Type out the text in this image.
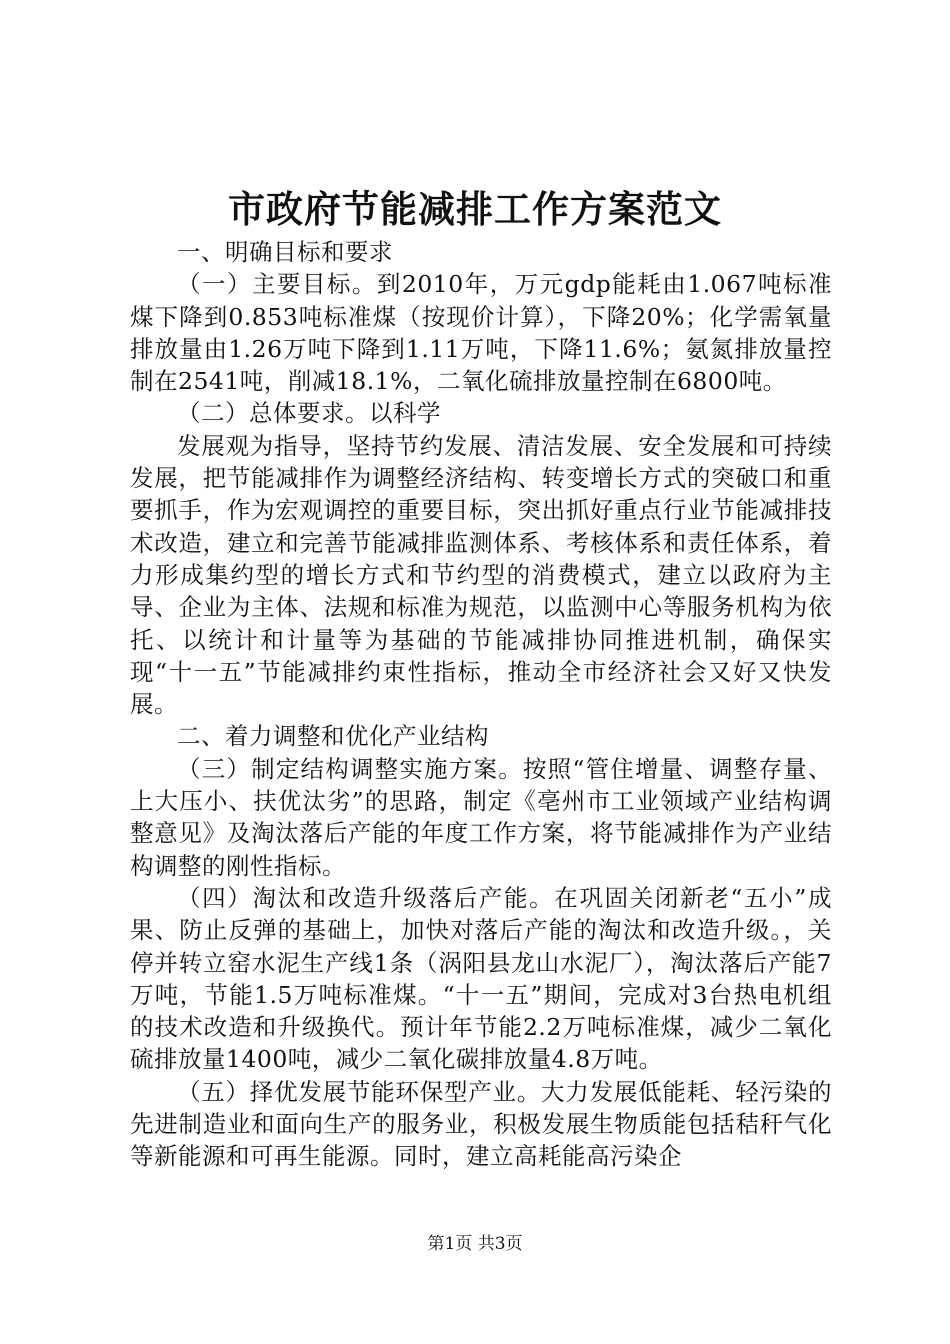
市政府节能减排工作方案范文

一、明确目标和要求

（一）主要目标。到2010年，万元gdp能耗由1.067吨标准煤下降到0.853吨标准煤（按现价计算），下降20%；化学需氧量排放量由1.26万吨下降到1.11万吨，下降11.6%；氨氮排放量控制在2541吨，削减18.1%，二氧化硫排放量控制在6800吨。

（二）总体要求。以科学

发展观为指导，坚持节约发展、清洁发展、安全发展和可持续发展，把节能减排作为调整经济结构、转变增长方式的突破口和重要抓手，作为宏观调控的重要目标，突出抓好重点行业节能减排技术改造，建立和完善节能减排监测体系、考核体系和责任体系，着力形成集约型的增长方式和节约型的消费模式，建立以政府为主导、企业为主体、法规和标准为规范，以监测中心等服务机构为依托、以统计和计量等为基础的节能减排协同推进机制，确保实现“十一五”节能减排约束性指标，推动全市经济社会又好又快发展。

二、着力调整和优化产业结构

（三）制定结构调整实施方案。按照“管住增量、调整存量、上大压小、扶优汰劣”的思路，制定《亳州市工业领域产业结构调整意见》及淘汰落后产能的年度工作方案，将节能减排作为产业结构调整的刚性指标。

（四）淘汰和改造升级落后产能。在巩固关闭新老“五小”成果、防止反弹的基础上，加快对落后产能的淘汰和改造升级。，关停并转立窑水泥生产线1条（涡阳县龙山水泥厂），淘汰落后产能7万吨，节能1.5万吨标准煤。“十一五”期间，完成对3台热电机组的技术改造和升级换代。预计年节能2.2万吨标准煤，减少二氧化硫排放量1400吨，减少二氧化碳排放量4.8万吨。

（五）择优发展节能环保型产业。大力发展低能耗、轻污染的先进制造业和面向生产的服务业，积极发展生物质能包括秸秆气化等新能源和可再生能源。同时，建立高耗能高污染企

第1页 共3页
